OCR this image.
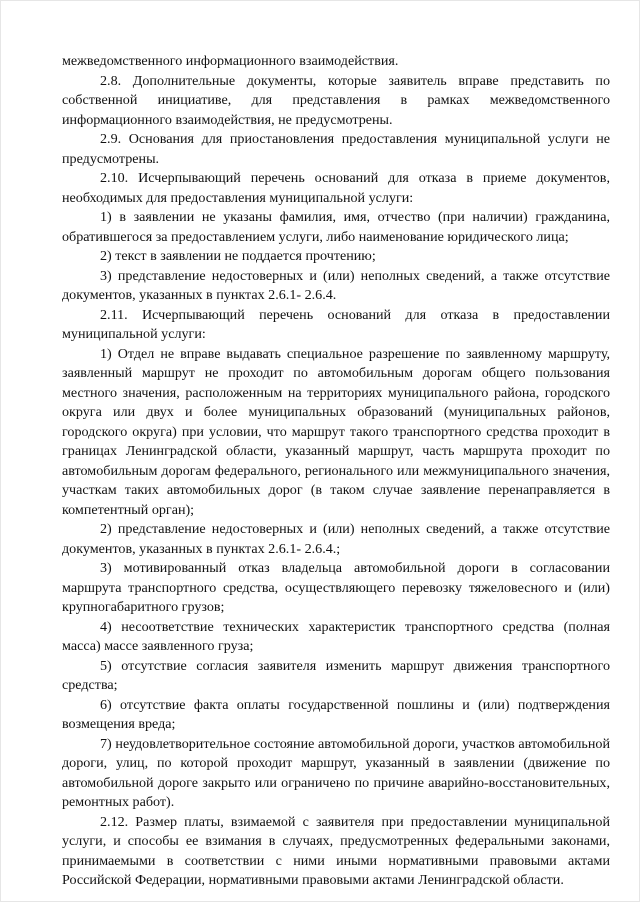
межведомственного информационного взаимодействия.

2.8. Дополнительные документы, которые заявитель вправе представить по собственной инициативе, для представления в рамках межведомственного информационного взаимодействия, не предусмотрены.

2.9. Основания для приостановления предоставления муниципальной услуги не предусмотрены.

2.10. Исчерпывающий перечень оснований для отказа в приеме документов, необходимых для предоставления муниципальной услуги:

1) в заявлении не указаны фамилия, имя, отчество (при наличии) гражданина, обратившегося за предоставлением услуги, либо наименование юридического лица;

2) текст в заявлении не поддается прочтению;

3) представление недостоверных и (или) неполных сведений, а также отсутствие документов, указанных в пунктах 2.6.1- 2.6.4.

2.11. Исчерпывающий перечень оснований для отказа в предоставлении муниципальной услуги:

1) Отдел не вправе выдавать специальное разрешение по заявленному маршруту, заявленный маршрут не проходит по автомобильным дорогам общего пользования местного значения, расположенным на территориях муниципального района, городского округа или двух и более муниципальных образований (муниципальных районов, городского округа) при условии, что маршрут такого транспортного средства проходит в границах Ленинградской области, указанный маршрут, часть маршрута проходит по автомобильным дорогам федерального, регионального или межмуниципального значения, участкам таких автомобильных дорог (в таком случае заявление перенаправляется в компетентный орган);

2) представление недостоверных и (или) неполных сведений, а также отсутствие документов, указанных в пунктах 2.6.1- 2.6.4.;

3) мотивированный отказ владельца автомобильной дороги в согласовании маршрута транспортного средства, осуществляющего перевозку тяжеловесного и (или) крупногабаритного грузов;

4) несоответствие технических характеристик транспортного средства (полная масса) массе заявленного груза;

5) отсутствие согласия заявителя изменить маршрут движения транспортного средства;

6) отсутствие факта оплаты государственной пошлины и (или) подтверждения возмещения вреда;

7) неудовлетворительное состояние автомобильной дороги, участков автомобильной дороги, улиц, по которой проходит маршрут, указанный в заявлении (движение по автомобильной дороге закрыто или ограничено по причине аварийно-восстановительных, ремонтных работ).

2.12. Размер платы, взимаемой с заявителя при предоставлении муниципальной услуги, и способы ее взимания в случаях, предусмотренных федеральными законами, принимаемыми в соответствии с ними иными нормативными правовыми актами Российской Федерации, нормативными правовыми актами Ленинградской области.
